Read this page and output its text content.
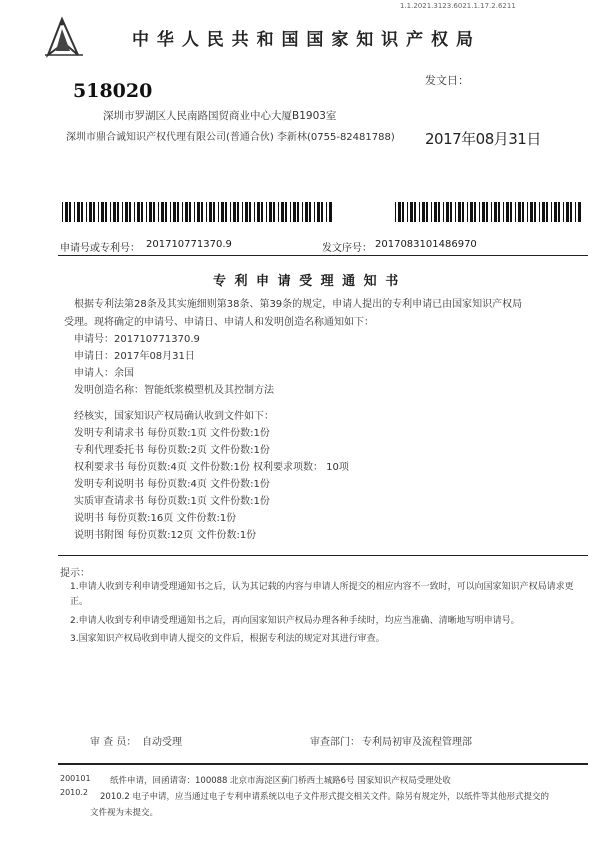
1.1.2021.3123.6021.1.17.2.6211
中 华 人 民 共 和 国 国 家 知 识 产 权 局
518020
深圳市罗湖区人民南路国贸商业中心大厦B1903室
深圳市鼎合诚知识产权代理有限公司(普通合伙) 李新林(0755-82481788)
发文日：
2017年08月31日
申请号或专利号： 201710771370.9	发文序号： 2017083101486970
专 利 申 请 受 理 通 知 书
根据专利法第28条及其实施细则第38条、第39条的规定，申请人提出的专利申请已由国家知识产权局
受理。现将确定的申请号、申请日、申请人和发明创造名称通知如下：
申请号：201710771370.9
申请日：2017年08月31日
申请人：余国
发明创造名称：智能纸浆模塑机及其控制方法
经核实，国家知识产权局确认收到文件如下：
发明专利请求书 每份页数:1页 文件份数:1份
专利代理委托书 每份页数:2页 文件份数:1份
权利要求书 每份页数:4页 文件份数:1份 权利要求项数： 10项
发明专利说明书 每份页数:4页 文件份数:1份
实质审查请求书 每份页数:1页 文件份数:1份
说明书 每份页数:16页 文件份数:1份
说明书附图 每份页数:12页 文件份数:1份
提示：
1.申请人收到专利申请受理通知书之后，认为其记载的内容与申请人所提交的相应内容不一致时，可以向国家知识产权局请求更正。
2.申请人收到专利申请受理通知书之后，再向国家知识产权局办理各种手续时，均应当准确、清晰地写明申请号。
3.国家知识产权局收到申请人提交的文件后，根据专利法的规定对其进行审查。
审 查 员： 自动受理	审查部门： 专利局初审及流程管理部
200101
2010.2
纸件申请，回函请寄：100088 北京市海淀区蓟门桥西土城路6号 国家知识产权局受理处收
2010.2 电子申请，应当通过电子专利申请系统以电子文件形式提交相关文件。除另有规定外，以纸件等其他形式提交的
文件视为未提交。
